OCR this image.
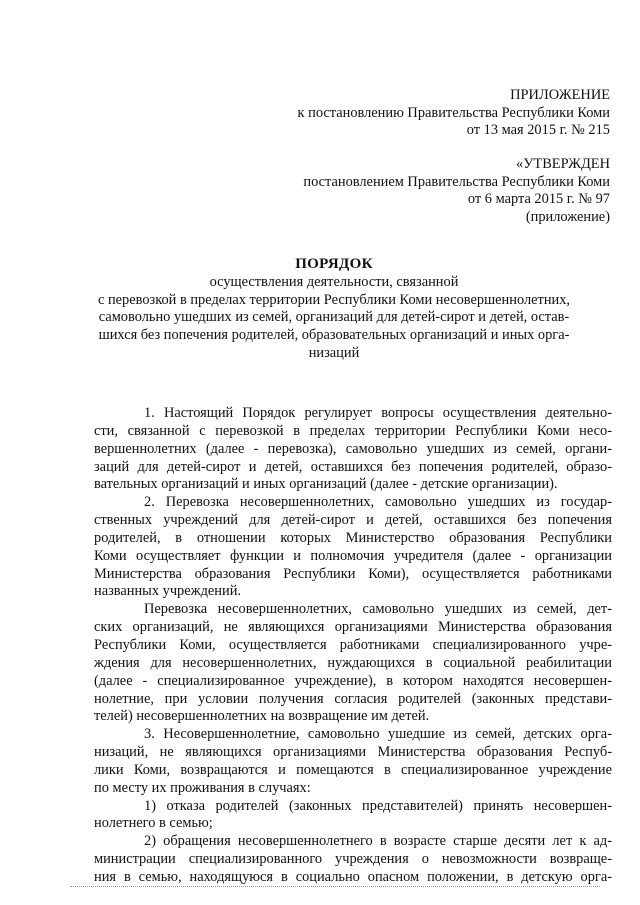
ПРИЛОЖЕНИЕ
к постановлению Правительства Республики Коми
от 13 мая 2015 г. № 215
«УТВЕРЖДЕН
постановлением Правительства Республики Коми
от 6 марта 2015 г. № 97
(приложение)
ПОРЯДОК
осуществления деятельности, связанной
с перевозкой в пределах территории Республики Коми несовершеннолетних,
самовольно ушедших из семей, организаций для детей-сирот и детей, остав-
шихся без попечения родителей, образовательных организаций и иных орга-
низаций
1. Настоящий Порядок регулирует вопросы осуществления деятельно-
сти, связанной с перевозкой в пределах территории Республики Коми несо-
вершеннолетних (далее - перевозка), самовольно ушедших из семей, органи-
заций для детей-сирот и детей, оставшихся без попечения родителей, образо-
вательных организаций и иных организаций (далее - детские организации).
2. Перевозка несовершеннолетних, самовольно ушедших из государ-
ственных учреждений для детей-сирот и детей, оставшихся без попечения
родителей, в отношении которых Министерство образования Республики
Коми осуществляет функции и полномочия учредителя (далее - организации
Министерства образования Республики Коми), осуществляется работниками
названных учреждений.
Перевозка несовершеннолетних, самовольно ушедших из семей, дет-
ских организаций, не являющихся организациями Министерства образования
Республики Коми, осуществляется работниками специализированного учре-
ждения для несовершеннолетних, нуждающихся в социальной реабилитации
(далее - специализированное учреждение), в котором находятся несовершен-
нолетние, при условии получения согласия родителей (законных представи-
телей) несовершеннолетних на возвращение им детей.
3. Несовершеннолетние, самовольно ушедшие из семей, детских орга-
низаций, не являющихся организациями Министерства образования Респуб-
лики Коми, возвращаются и помещаются в специализированное учреждение
по месту их проживания в случаях:
1) отказа родителей (законных представителей) принять несовершен-
нолетнего в семью;
2) обращения несовершеннолетнего в возрасте старше десяти лет к ад-
министрации специализированного учреждения о невозможности возвраще-
ния в семью, находящуюся в социально опасном положении, в детскую орга-
